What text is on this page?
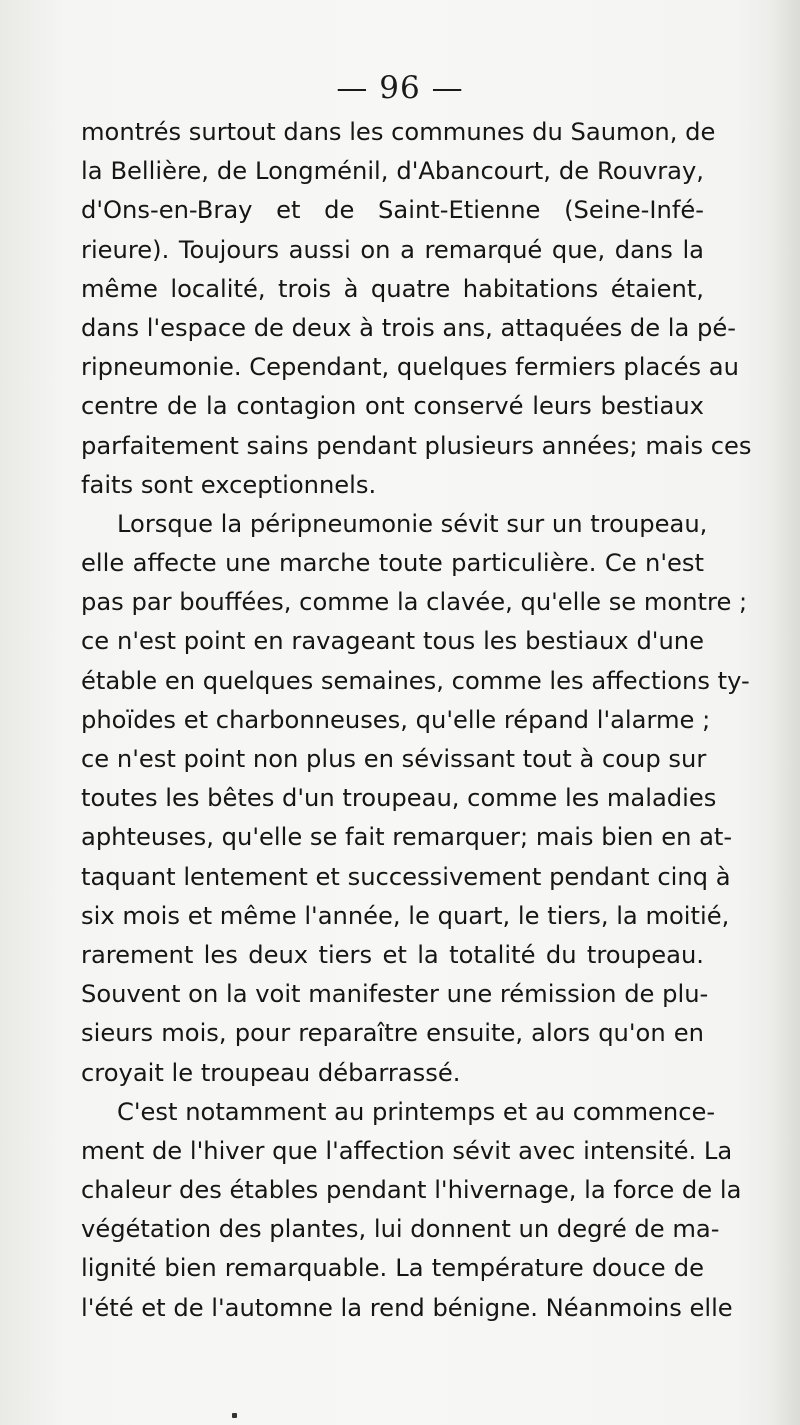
— 96 —
montrés surtout dans les communes du Saumon, de
la Bellière, de Longménil, d'Abancourt, de Rouvray,
d'Ons-en-Bray et de Saint-Etienne (Seine-Infé-
rieure). Toujours aussi on a remarqué que, dans la
même localité, trois à quatre habitations étaient,
dans l'espace de deux à trois ans, attaquées de la pé-
ripneumonie. Cependant, quelques fermiers placés au
centre de la contagion ont conservé leurs bestiaux
parfaitement sains pendant plusieurs années; mais ces
faits sont exceptionnels.
Lorsque la péripneumonie sévit sur un troupeau,
elle affecte une marche toute particulière. Ce n'est
pas par bouffées, comme la clavée, qu'elle se montre ;
ce n'est point en ravageant tous les bestiaux d'une
étable en quelques semaines, comme les affections ty-
phoïdes et charbonneuses, qu'elle répand l'alarme ;
ce n'est point non plus en sévissant tout à coup sur
toutes les bêtes d'un troupeau, comme les maladies
aphteuses, qu'elle se fait remarquer; mais bien en at-
taquant lentement et successivement pendant cinq à
six mois et même l'année, le quart, le tiers, la moitié,
rarement les deux tiers et la totalité du troupeau.
Souvent on la voit manifester une rémission de plu-
sieurs mois, pour reparaître ensuite, alors qu'on en
croyait le troupeau débarrassé.
C'est notamment au printemps et au commence-
ment de l'hiver que l'affection sévit avec intensité. La
chaleur des étables pendant l'hivernage, la force de la
végétation des plantes, lui donnent un degré de ma-
lignité bien remarquable. La température douce de
l'été et de l'automne la rend bénigne. Néanmoins elle
